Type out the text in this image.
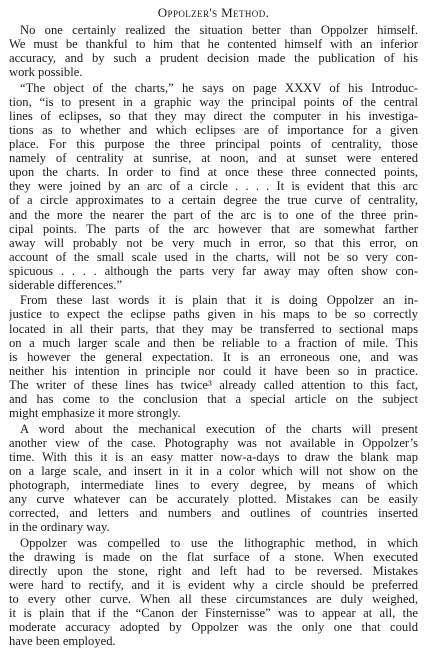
Oppolzer's Method.
No one certainly realized the situation better than Oppolzer himself.
We must be thankful to him that he contented himself with an inferior
accuracy, and by such a prudent decision made the publication of his
work possible.
“The object of the charts,” he says on page XXXV of his Introduc-
tion, “is to present in a graphic way the principal points of the central
lines of eclipses, so that they may direct the computer in his investiga-
tions as to whether and which eclipses are of importance for a given
place. For this purpose the three principal points of centrality, those
namely of centrality at sunrise, at noon, and at sunset were entered
upon the charts. In order to find at once these three connected points,
they were joined by an arc of a circle . . . . It is evident that this arc
of a circle approximates to a certain degree the true curve of centrality,
and the more the nearer the part of the arc is to one of the three prin-
cipal points. The parts of the arc however that are somewhat farther
away will probably not be very much in error, so that this error, on
account of the small scale used in the charts, will not be so very con-
spicuous . . . . although the parts very far away may often show con-
siderable differences.”
From these last words it is plain that it is doing Oppolzer an in-
justice to expect the eclipse paths given in his maps to be so correctly
located in all their parts, that they may be transferred to sectional maps
on a much larger scale and then be reliable to a fraction of mile. This
is however the general expectation. It is an erroneous one, and was
neither his intention in principle nor could it have been so in practice.
The writer of these lines has twice³ already called attention to this fact,
and has come to the conclusion that a special article on the subject
might emphasize it more strongly.
A word about the mechanical execution of the charts will present
another view of the case. Photography was not available in Oppolzer’s
time. With this it is an easy matter now-a-days to draw the blank map
on a large scale, and insert in it in a color which will not show on the
photograph, intermediate lines to every degree, by means of which
any curve whatever can be accurately plotted. Mistakes can be easily
corrected, and letters and numbers and outlines of countries inserted
in the ordinary way.
Oppolzer was compelled to use the lithographic method, in which
the drawing is made on the flat surface of a stone. When executed
directly upon the stone, right and left had to be reversed. Mistakes
were hard to rectify, and it is evident why a circle should be preferred
to every other curve. When all these circumstances are duly weighed,
it is plain that if the “Canon der Finsternisse” was to appear at all, the
moderate accuracy adopted by Oppolzer was the only one that could
have been employed.
